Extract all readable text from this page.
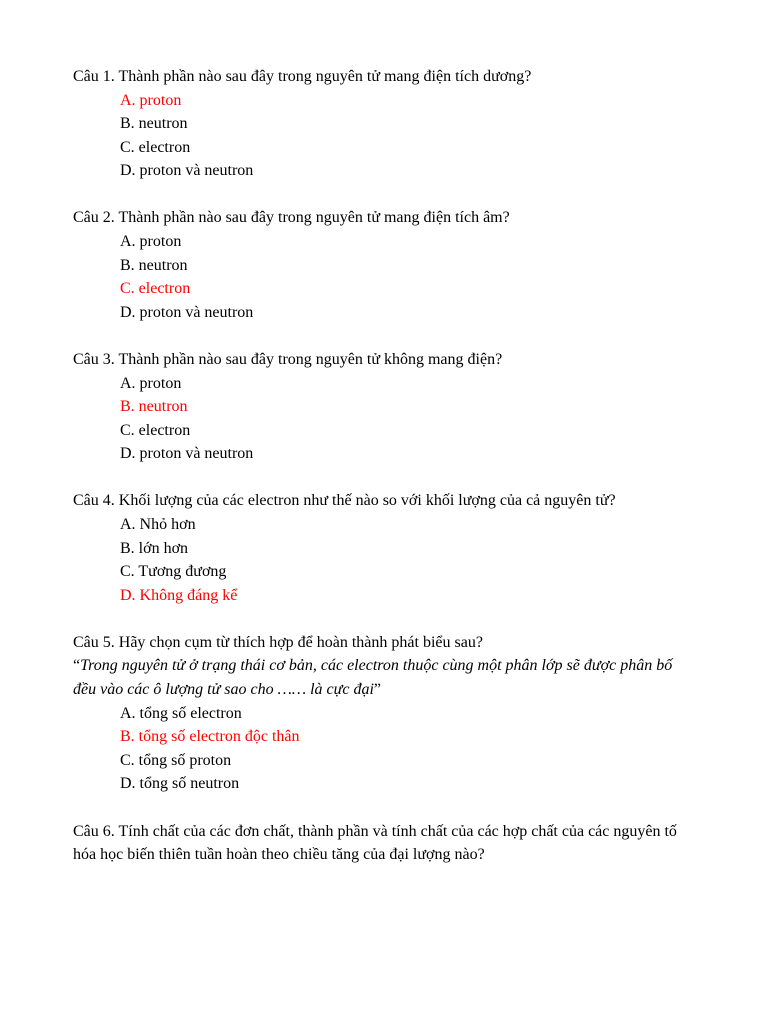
Câu 1. Thành phần nào sau đây trong nguyên tử mang điện tích dương?

A. proton
B. neutron
C. electron
D. proton và neutron

Câu 2. Thành phần nào sau đây trong nguyên tử mang điện tích âm?

A. proton
B. neutron
C. electron
D. proton và neutron

Câu 3. Thành phần nào sau đây trong nguyên tử không mang điện?

A. proton
B. neutron
C. electron
D. proton và neutron

Câu 4. Khối lượng của các electron như thế nào so với khối lượng của cả nguyên tử?

A. Nhỏ hơn
B. lớn hơn
C. Tương đương
D. Không đáng kể

Câu 5. Hãy chọn cụm từ thích hợp để hoàn thành phát biểu sau?

“Trong nguyên tử ở trạng thái cơ bản, các electron thuộc cùng một phân lớp sẽ được phân bố đều vào các ô lượng tử sao cho …… là cực đại”

A. tổng số electron
B. tổng số electron độc thân
C. tổng số proton
D. tổng số neutron

Câu 6. Tính chất của các đơn chất, thành phần và tính chất của các hợp chất của các nguyên tố hóa học biến thiên tuần hoàn theo chiều tăng của đại lượng nào?
